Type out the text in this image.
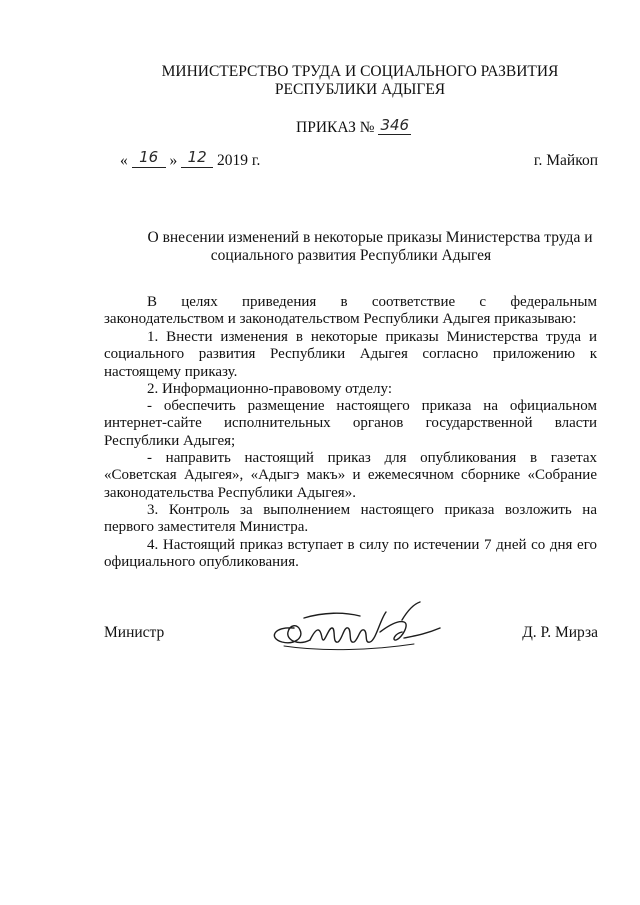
МИНИСТЕРСТВО ТРУДА И СОЦИАЛЬНОГО РАЗВИТИЯ
РЕСПУБЛИКИ АДЫГЕЯ
ПРИКАЗ № 346
« 16 » 12 2019 г.	г. Майкоп
О внесении изменений в некоторые приказы Министерства труда и
социального развития Республики Адыгея

В целях приведения в соответствие с федеральным законодательством и законодательством Республики Адыгея приказываю:

1. Внести изменения в некоторые приказы Министерства труда и социального развития Республики Адыгея согласно приложению к настоящему приказу.

2. Информационно-правовому отделу:

- обеспечить размещение настоящего приказа на официальном интернет-сайте исполнительных органов государственной власти Республики Адыгея;

- направить настоящий приказ для опубликования в газетах «Советская Адыгея», «Адыгэ макъ» и ежемесячном сборнике «Собрание законодательства Республики Адыгея».

3. Контроль за выполнением настоящего приказа возложить на первого заместителя Министра.

4. Настоящий приказ вступает в силу по истечении 7 дней со дня его официального опубликования.

Министр	Д. Р. Мирза
